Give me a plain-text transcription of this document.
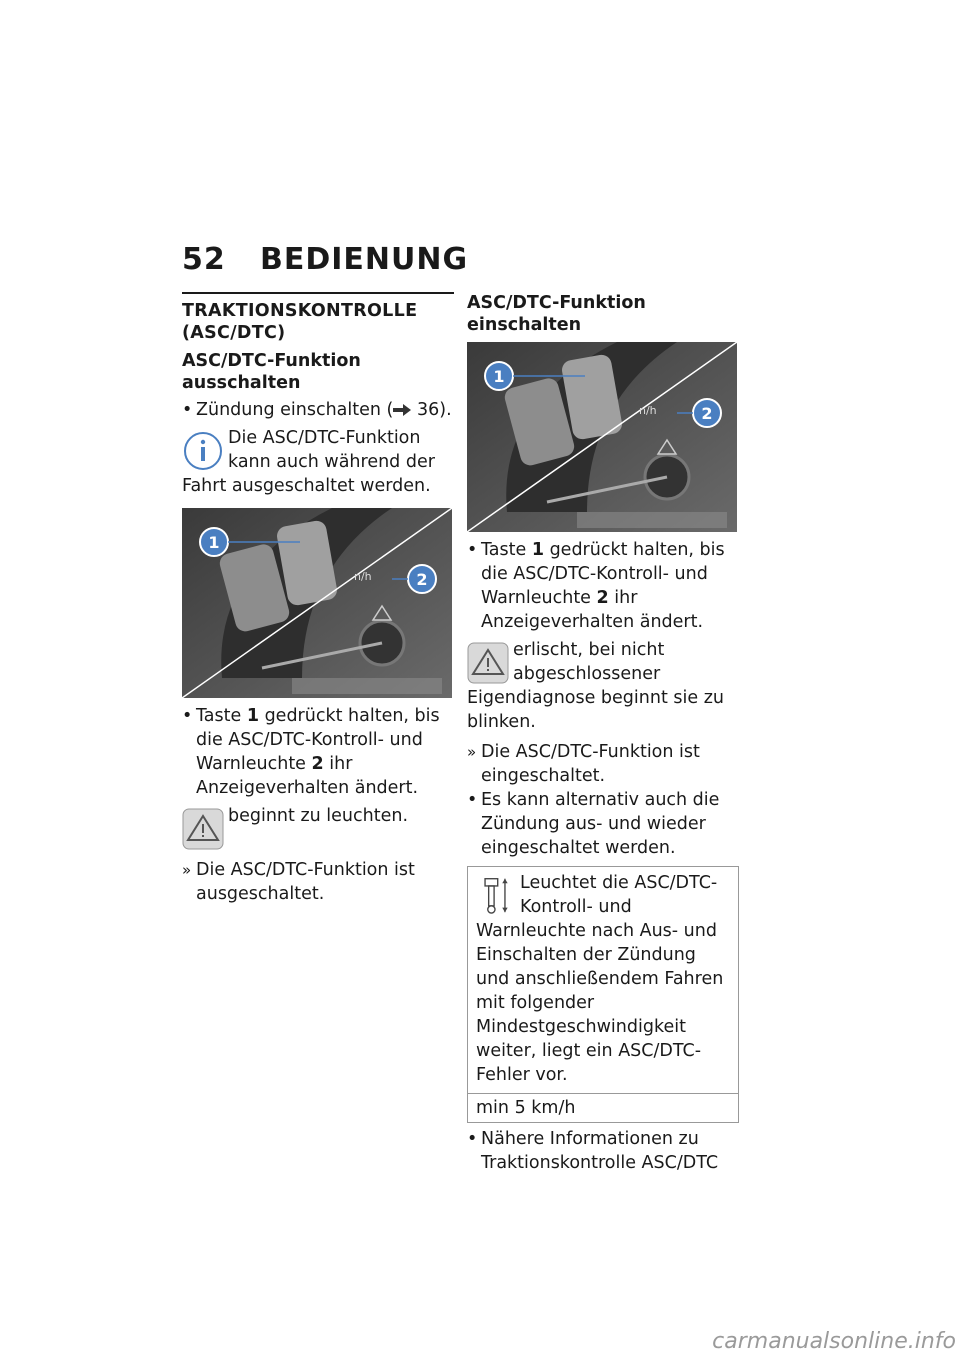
52 BEDIENUNG
TRAKTIONSKONTROLLE (ASC/DTC)
ASC/DTC-Funktion ausschalten

• Zündung einschalten ( 36).

Die ASC/DTC-Funktion kann auch während der Fahrt ausgeschaltet werden.
1
2
n/h

• Taste 1 gedrückt halten, bis die ASC/DTC-Kontroll- und Warnleuchte 2 ihr Anzeigeverhalten ändert.

beginnt zu leuchten.

» Die ASC/DTC-Funktion ist ausgeschaltet.

ASC/DTC-Funktion einschalten
1
2
n/h

• Taste 1 gedrückt halten, bis die ASC/DTC-Kontroll- und Warnleuchte 2 ihr Anzeigeverhalten ändert.

erlischt, bei nicht abgeschlossener Eigendiagnose beginnt sie zu blinken.

» Die ASC/DTC-Funktion ist eingeschaltet.

• Es kann alternativ auch die Zündung aus- und wieder eingeschaltet werden.

Leuchtet die ASC/DTC-Kontroll- und Warnleuchte nach Aus- und Einschalten der Zündung und anschließendem Fahren mit folgender Mindestgeschwindigkeit weiter, liegt ein ASC/DTC-Fehler vor.
min 5 km/h

• Nähere Informationen zu Traktionskontrolle ASC/DTC

carmanualsonline.info
